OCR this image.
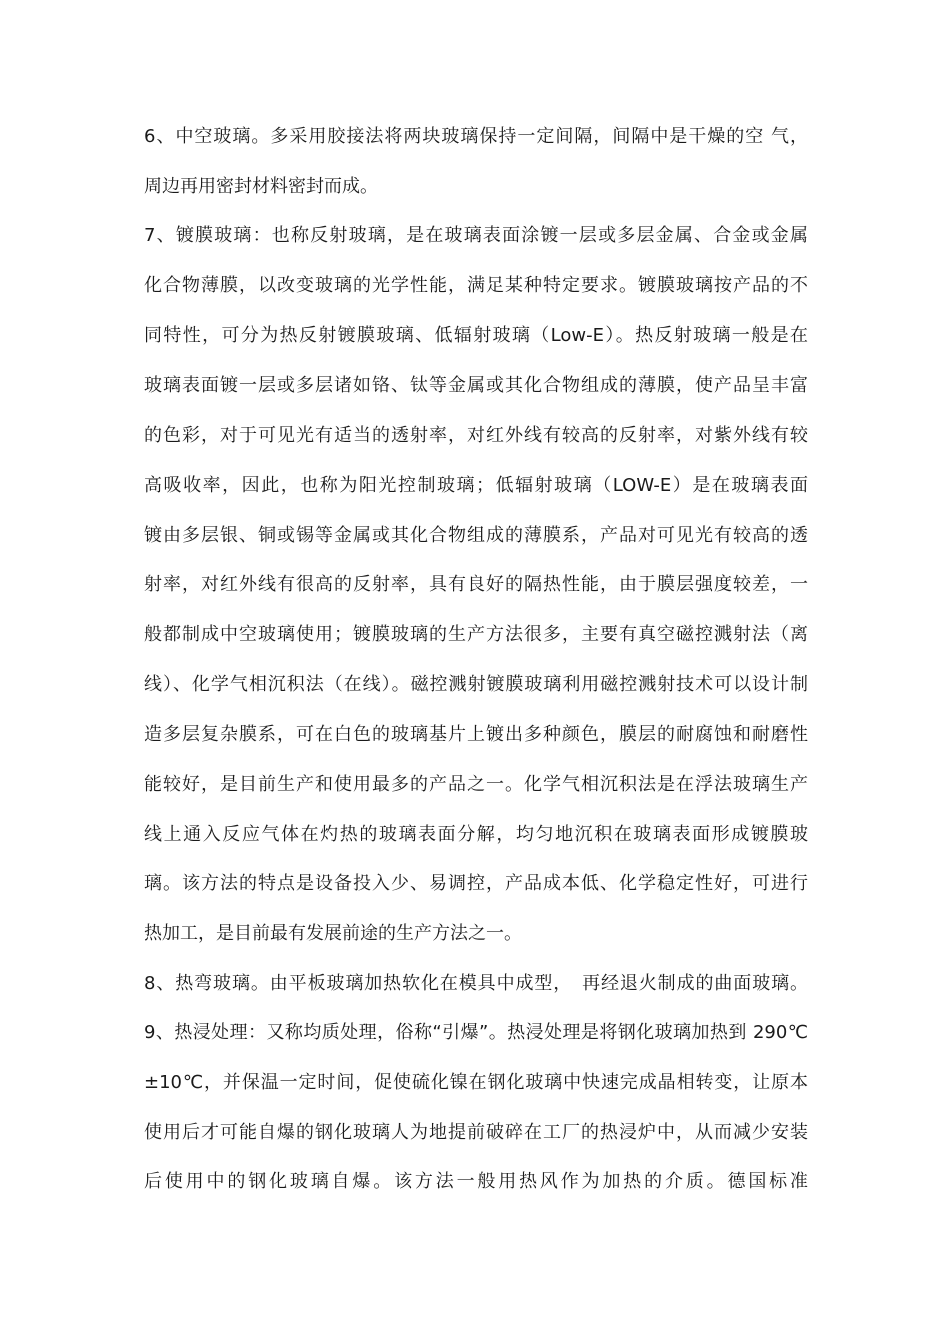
6、中空玻璃。多采用胶接法将两块玻璃保持一定间隔，间隔中是干燥的空 气，
周边再用密封材料密封而成。
7、镀膜玻璃：也称反射玻璃，是在玻璃表面涂镀一层或多层金属、合金或金属
化合物薄膜，以改变玻璃的光学性能，满足某种特定要求。镀膜玻璃按产品的不
同特性，可分为热反射镀膜玻璃、低辐射玻璃（Low-E）。热反射玻璃一般是在
玻璃表面镀一层或多层诸如铬、钛等金属或其化合物组成的薄膜，使产品呈丰富
的色彩，对于可见光有适当的透射率，对红外线有较高的反射率，对紫外线有较
高吸收率，因此，也称为阳光控制玻璃；低辐射玻璃（LOW-E）是在玻璃表面
镀由多层银、铜或锡等金属或其化合物组成的薄膜系，产品对可见光有较高的透
射率，对红外线有很高的反射率，具有良好的隔热性能，由于膜层强度较差，一
般都制成中空玻璃使用；镀膜玻璃的生产方法很多，主要有真空磁控溅射法（离
线）、化学气相沉积法（在线）。磁控溅射镀膜玻璃利用磁控溅射技术可以设计制
造多层复杂膜系，可在白色的玻璃基片上镀出多种颜色，膜层的耐腐蚀和耐磨性
能较好，是目前生产和使用最多的产品之一。化学气相沉积法是在浮法玻璃生产
线上通入反应气体在灼热的玻璃表面分解，均匀地沉积在玻璃表面形成镀膜玻
璃。该方法的特点是设备投入少、易调控，产品成本低、化学稳定性好，可进行
热加工，是目前最有发展前途的生产方法之一。
8、热弯玻璃。由平板玻璃加热软化在模具中成型，　再经退火制成的曲面玻璃。
9、热浸处理：又称均质处理，俗称“引爆”。热浸处理是将钢化玻璃加热到 290℃
±10℃，并保温一定时间，促使硫化镍在钢化玻璃中快速完成晶相转变，让原本
使用后才可能自爆的钢化玻璃人为地提前破碎在工厂的热浸炉中，从而减少安装
后使用中的钢化玻璃自爆。该方法一般用热风作为加热的介质。德国标准
